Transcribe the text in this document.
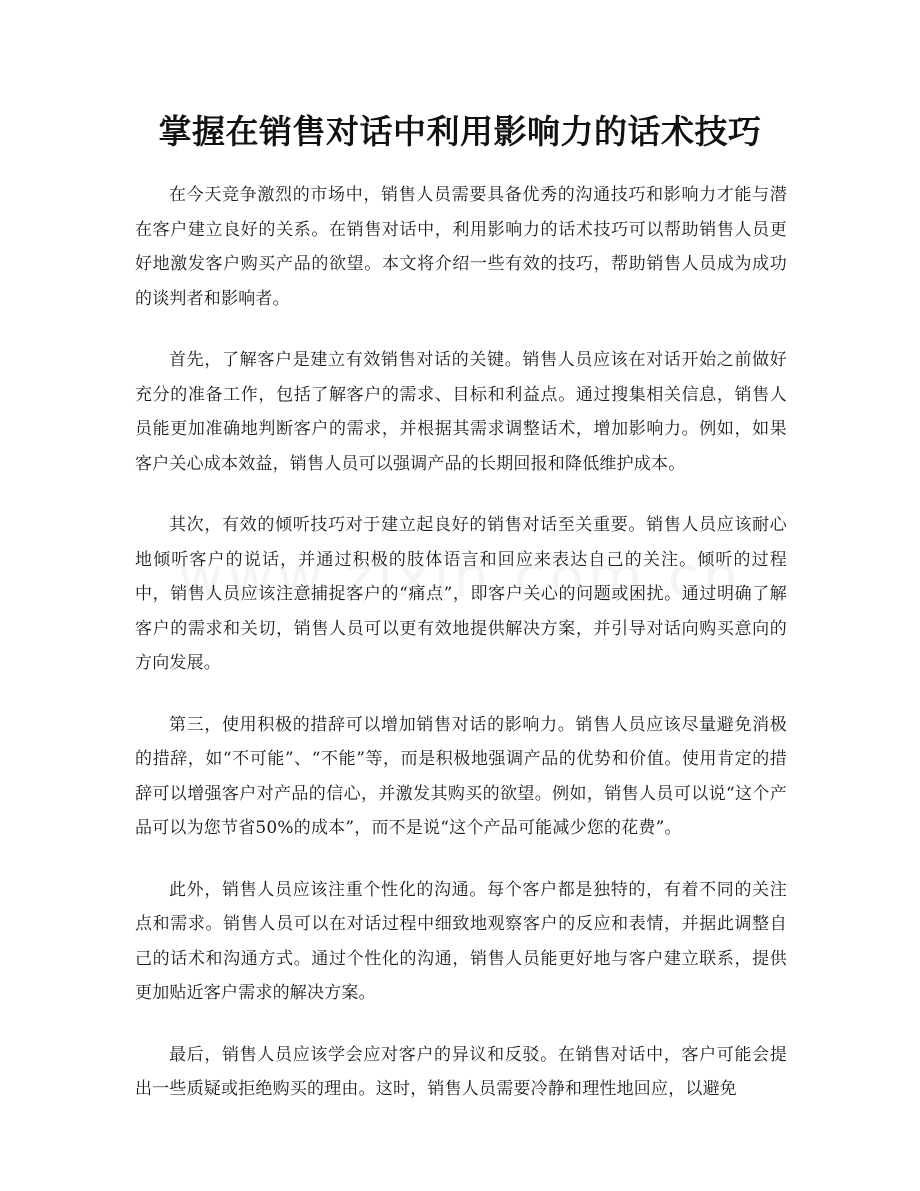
掌握在销售对话中利用影响力的话术技巧

在今天竞争激烈的市场中，销售人员需要具备优秀的沟通技巧和影响力才能与潜在客户建立良好的关系。在销售对话中，利用影响力的话术技巧可以帮助销售人员更好地激发客户购买产品的欲望。本文将介绍一些有效的技巧，帮助销售人员成为成功的谈判者和影响者。

首先，了解客户是建立有效销售对话的关键。销售人员应该在对话开始之前做好充分的准备工作，包括了解客户的需求、目标和利益点。通过搜集相关信息，销售人员能更加准确地判断客户的需求，并根据其需求调整话术，增加影响力。例如，如果客户关心成本效益，销售人员可以强调产品的长期回报和降低维护成本。

其次，有效的倾听技巧对于建立起良好的销售对话至关重要。销售人员应该耐心地倾听客户的说话，并通过积极的肢体语言和回应来表达自己的关注。倾听的过程中，销售人员应该注意捕捉客户的“痛点”，即客户关心的问题或困扰。通过明确了解客户的需求和关切，销售人员可以更有效地提供解决方案，并引导对话向购买意向的方向发展。

第三，使用积极的措辞可以增加销售对话的影响力。销售人员应该尽量避免消极的措辞，如“不可能”、“不能”等，而是积极地强调产品的优势和价值。使用肯定的措辞可以增强客户对产品的信心，并激发其购买的欲望。例如，销售人员可以说“这个产品可以为您节省50%的成本”，而不是说“这个产品可能减少您的花费”。

此外，销售人员应该注重个性化的沟通。每个客户都是独特的，有着不同的关注点和需求。销售人员可以在对话过程中细致地观察客户的反应和表情，并据此调整自己的话术和沟通方式。通过个性化的沟通，销售人员能更好地与客户建立联系，提供更加贴近客户需求的解决方案。

最后，销售人员应该学会应对客户的异议和反驳。在销售对话中，客户可能会提出一些质疑或拒绝购买的理由。这时，销售人员需要冷静和理性地回应，以避免
